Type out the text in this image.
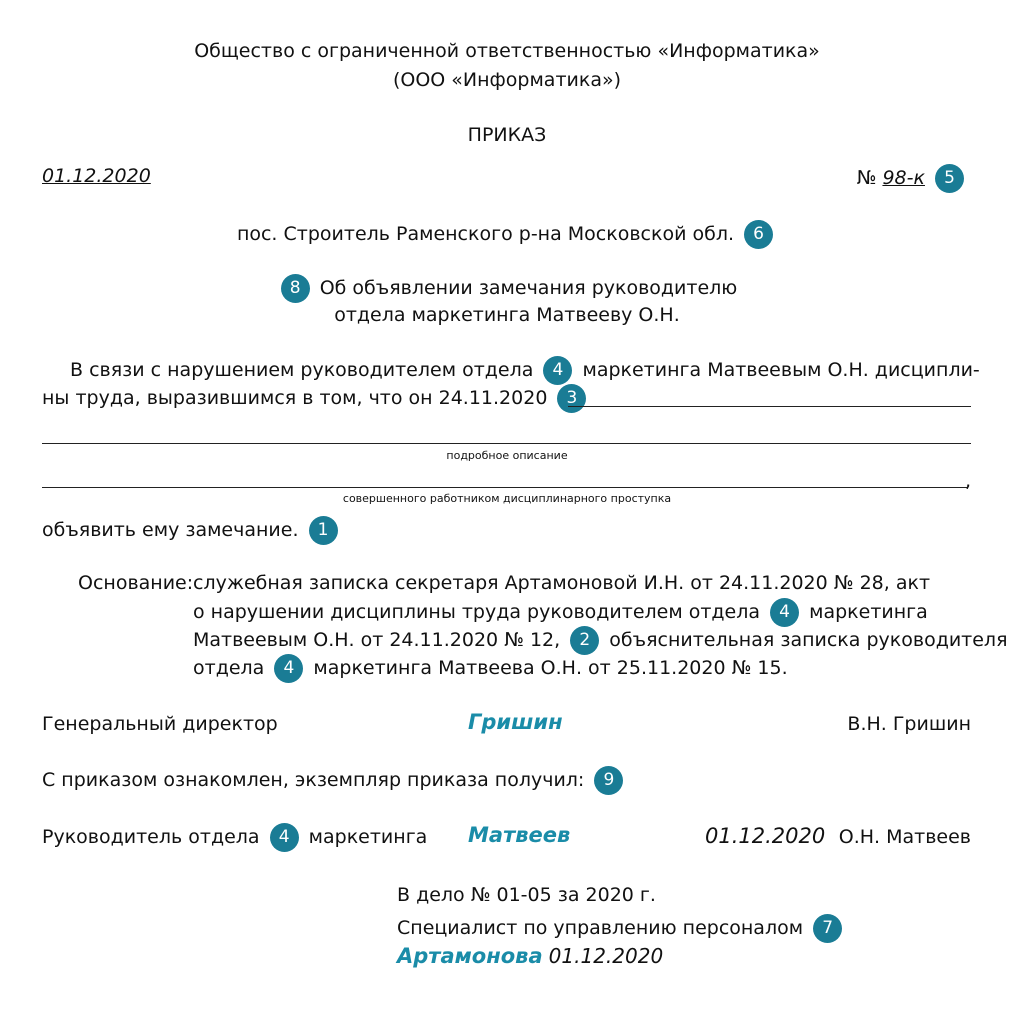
Общество с ограниченной ответственностью «Информатика»
(ООО «Информатика»)
ПРИКАЗ
01.12.2020	№ 98-к 5
пос. Строитель Раменского р-на Московской обл. 6
8 Об объявлении замечания руководителю
отдела маркетинга Матвееву О.Н.
В связи с нарушением руководителем отдела 4 маркетинга Матвеевым О.Н. дисципли-
ны труда, выразившимся в том, что он 24.11.2020 3
подробное описание
,
совершенного работником дисциплинарного проступка
объявить ему замечание. 1
Основание: служебная записка секретаря Артамоновой И.Н. от 24.11.2020 № 28, акт
о нарушении дисциплины труда руководителем отдела 4 маркетинга
Матвеевым О.Н. от 24.11.2020 № 12, 2 объяснительная записка руководителя
отдела 4 маркетинга Матвеева О.Н. от 25.11.2020 № 15.
Генеральный директор	Гришин	В.Н. Гришин
С приказом ознакомлен, экземпляр приказа получил: 9
Руководитель отдела 4 маркетинга Матвеев	01.12.2020 О.Н. Матвеев
В дело № 01-05 за 2020 г.
Специалист по управлению персоналом 7
Артамонова 01.12.2020
